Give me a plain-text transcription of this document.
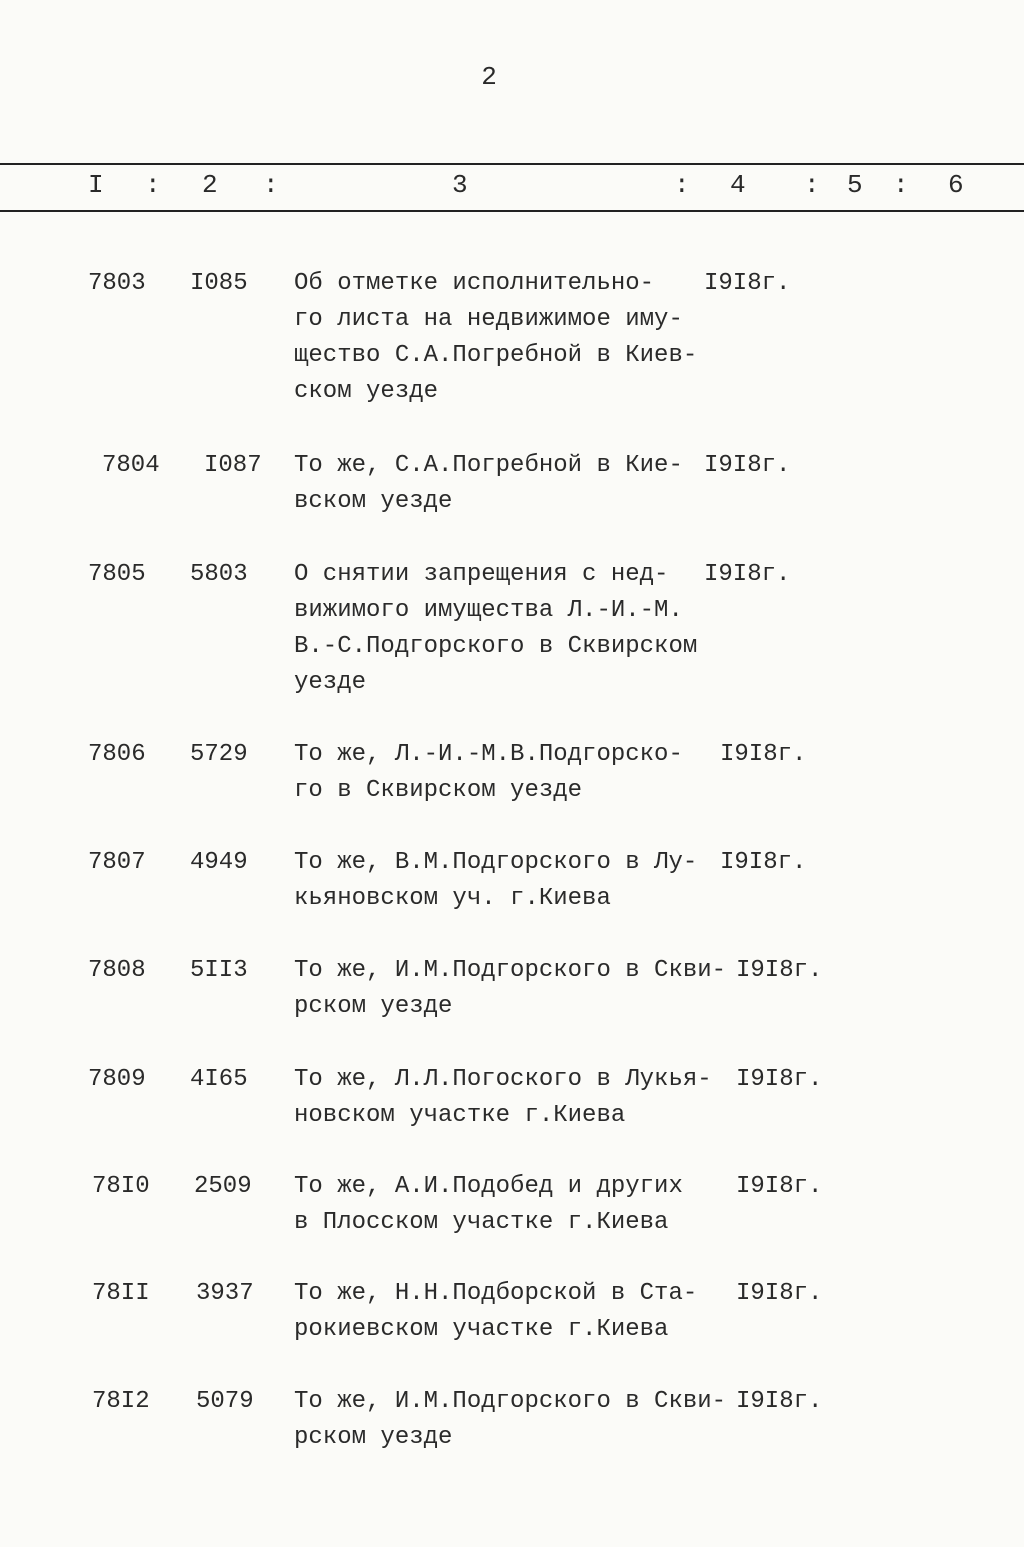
2
I : 2 :	3	: 4 : 5 : 6
7803 I085 Об отметке исполнительно-
го листа на недвижимое иму-
щество С.А.Погребной в Киев-
ском уезде
I9I8г.
7804 I087 То же, С.А.Погребной в Кие-
вском уезде
I9I8г.
7805 5803 О снятии запрещения с нед-
вижимого имущества Л.-И.-М.
В.-С.Подгорского в Сквирском
уезде
I9I8г.
7806 5729 То же, Л.-И.-М.В.Подгорско-
го в Сквирском уезде
I9I8г.
7807 4949 То же, В.М.Подгорского в Лу-
кьяновском уч. г.Киева
I9I8г.
7808 5II3 То же, И.М.Подгорского в Скви-
рском уезде
I9I8г.
7809 4I65 То же, Л.Л.Погоского в Лукья-
новском участке г.Киева
I9I8г.
78I0 2509 То же, А.И.Подобед и других
в Плосском участке г.Киева
I9I8г.
78II 3937 То же, Н.Н.Подборской в Ста-
рокиевском участке г.Киева
I9I8г.
78I2 5079 То же, И.М.Подгорского в Скви-
рском уезде
I9I8г.
